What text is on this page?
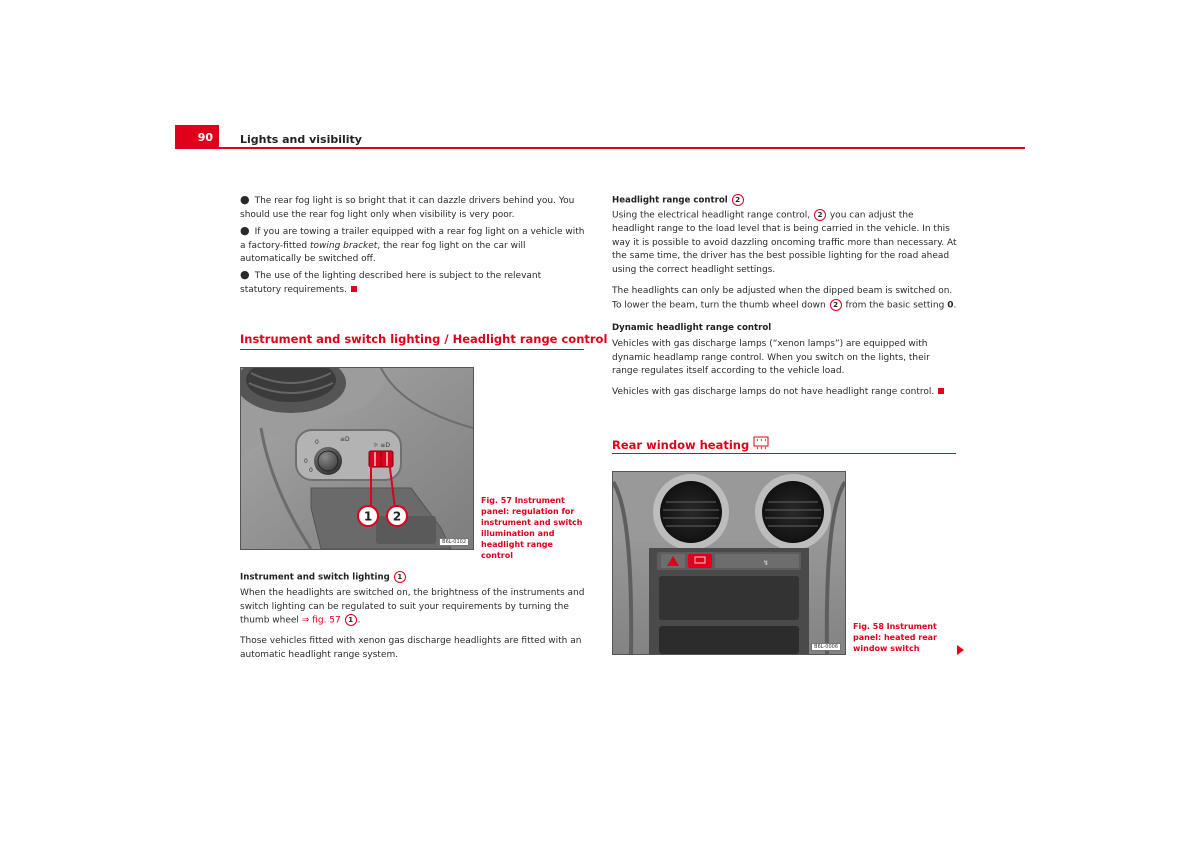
90 Lights and visibility
● The rear fog light is so bright that it can dazzle drivers behind you. You should use the rear fog light only when visibility is very poor.
● If you are towing a trailer equipped with a rear fog light on a vehicle with a factory-fitted towing bracket, the rear fog light on the car will automatically be switched off.
● The use of the lighting described here is subject to the relevant statutory requirements.
Instrument and switch lighting / Headlight range control
0	≡D
0
0
☼ ≡D
1 2
B6L-0102
Fig. 57 Instrument panel: regulation for instrument and switch illumination and headlight range control
Instrument and switch lighting 1
When the headlights are switched on, the brightness of the instruments and switch lighting can be regulated to suit your requirements by turning the thumb wheel ⇒ fig. 57 1 .
Those vehicles fitted with xenon gas discharge headlights are fitted with an automatic headlight range system.
Headlight range control 2
Using the electrical headlight range control, 2 you can adjust the headlight range to the load level that is being carried in the vehicle. In this way it is possible to avoid dazzling oncoming traffic more than necessary. At the same time, the driver has the best possible lighting for the road ahead using the correct headlight settings.
The headlights can only be adjusted when the dipped beam is switched on. To lower the beam, turn the thumb wheel down 2 from the basic setting 0.
Dynamic headlight range control
Vehicles with gas discharge lamps (“xenon lamps”) are equipped with dynamic headlamp range control. When you switch on the lights, their range regulates itself according to the vehicle load.
Vehicles with gas discharge lamps do not have headlight range control.
Rear window heating
↯
B6L-0006
Fig. 58 Instrument panel: heated rear window switch
